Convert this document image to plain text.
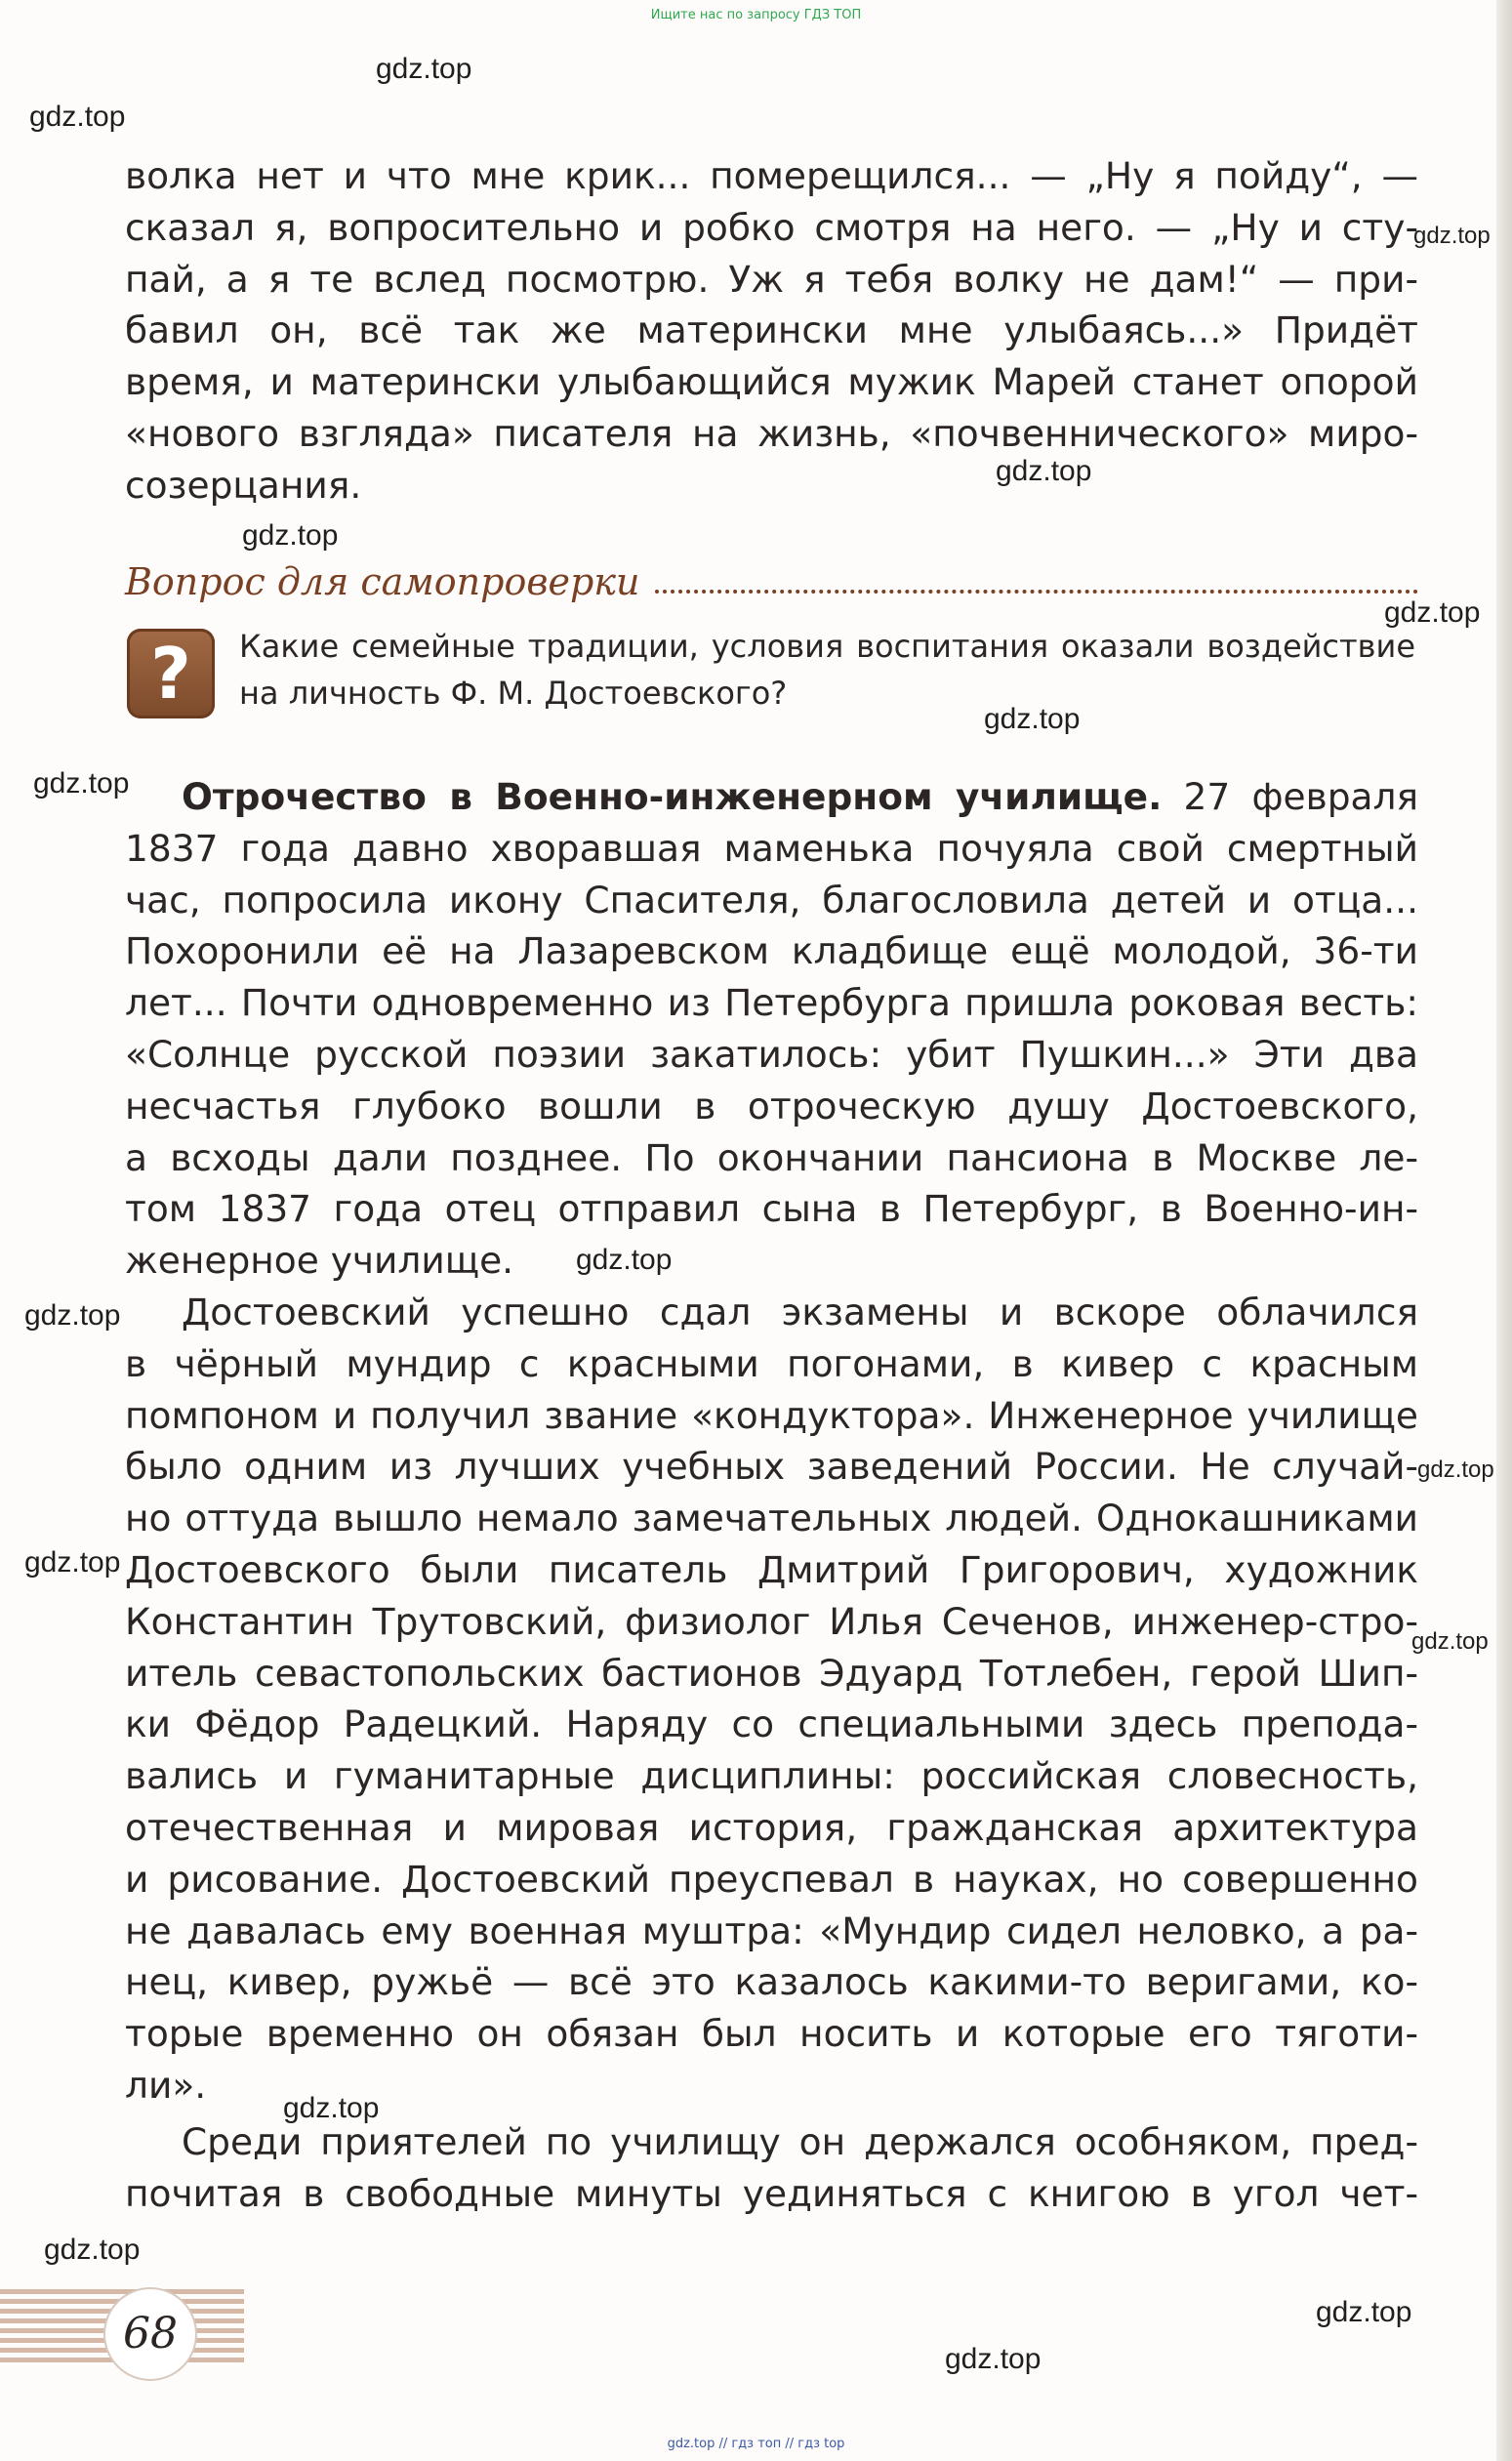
Ищите нас по запросу ГДЗ ТОП
gdz.top
gdz.top
gdz.top
gdz.top
gdz.top
gdz.top
gdz.top
gdz.top
gdz.top
gdz.top
gdz.top
gdz.top
gdz.top
gdz.top
gdz.top
gdz.top
gdz.top
волка нет и что мне крик... померещился... — „Ну я пойду“, —
сказал я, вопросительно и робко смотря на него. — „Ну и сту-
пай, а я те вслед посмотрю. Уж я тебя волку не дам!“ — при-
бавил он, всё так же матерински мне улыбаясь...» Придёт
время, и матерински улыбающийся мужик Марей станет опорой
«нового взгляда» писателя на жизнь, «почвеннического» миро-
созерцания.
Вопрос для самопроверки
?	Какие семейные традиции, условия воспитания оказали воздействие
на личность Ф. М. Достоевского?
Отрочество в Военно-инженерном училище. 27 февраля
1837 года давно хворавшая маменька почуяла свой смертный
час, попросила икону Спасителя, благословила детей и отца...
Похоронили её на Лазаревском кладбище ещё молодой, 36-ти
лет... Почти одновременно из Петербурга пришла роковая весть:
«Солнце русской поэзии закатилось: убит Пушкин...» Эти два
несчастья глубоко вошли в отроческую душу Достоевского,
а всходы дали позднее. По окончании пансиона в Москве ле-
том 1837 года отец отправил сына в Петербург, в Военно-ин-
женерное училище.
Достоевский успешно сдал экзамены и вскоре облачился
в чёрный мундир с красными погонами, в кивер с красным
помпоном и получил звание «кондуктора». Инженерное училище
было одним из лучших учебных заведений России. Не случай-
но оттуда вышло немало замечательных людей. Однокашниками
Достоевского были писатель Дмитрий Григорович, художник
Константин Трутовский, физиолог Илья Сеченов, инженер-стро-
итель севастопольских бастионов Эдуард Тотлебен, герой Шип-
ки Фёдор Радецкий. Наряду со специальными здесь препода-
вались и гуманитарные дисциплины: российская словесность,
отечественная и мировая история, гражданская архитектура
и рисование. Достоевский преуспевал в науках, но совершенно
не давалась ему военная муштра: «Мундир сидел неловко, а ра-
нец, кивер, ружьё — всё это казалось какими-то веригами, ко-
торые временно он обязан был носить и которые его тяготи-
ли».
Среди приятелей по училищу он держался особняком, пред-
почитая в свободные минуты уединяться с книгою в угол чет-
68
gdz.top // гдз топ // гдз top
